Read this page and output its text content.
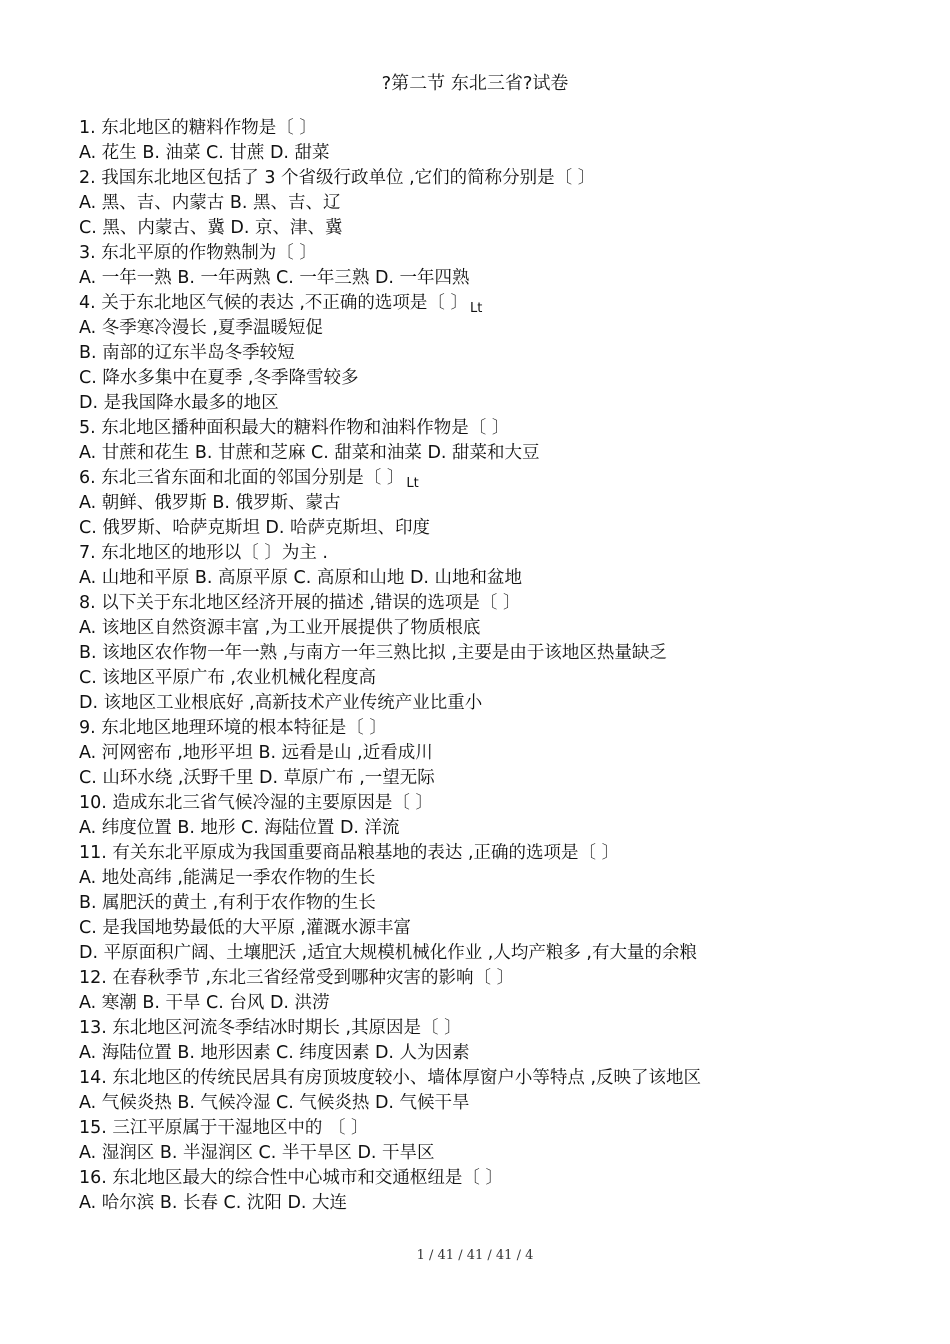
?第二节 东北三省?试卷
1. 东北地区的糖料作物是〔 〕
A. 花生 B. 油菜 C. 甘蔗 D. 甜菜
2. 我国东北地区包括了 3 个省级行政单位 ,它们的简称分别是〔 〕
A. 黑、吉、内蒙古 B. 黑、吉、辽
C. 黑、内蒙古、冀 D. 京、津、冀
3. 东北平原的作物熟制为〔 〕
A. 一年一熟 B. 一年两熟 C. 一年三熟 D. 一年四熟
4. 关于东北地区气候的表达 ,不正确的选项是〔 〕 $_{Lt}$
A. 冬季寒冷漫长 ,夏季温暖短促
B. 南部的辽东半岛冬季较短
C. 降水多集中在夏季 ,冬季降雪较多
D. 是我国降水最多的地区
5. 东北地区播种面积最大的糖料作物和油料作物是〔 〕
A. 甘蔗和花生 B. 甘蔗和芝麻 C. 甜菜和油菜 D. 甜菜和大豆
6. 东北三省东面和北面的邻国分别是〔 〕 $_{Lt}$
A. 朝鲜、俄罗斯 B. 俄罗斯、蒙古
C. 俄罗斯、哈萨克斯坦 D. 哈萨克斯坦、印度
7. 东北地区的地形以〔 〕为主 .
A. 山地和平原 B. 高原平原 C. 高原和山地 D. 山地和盆地
8. 以下关于东北地区经济开展的描述 ,错误的选项是〔 〕
A. 该地区自然资源丰富 ,为工业开展提供了物质根底
B. 该地区农作物一年一熟 ,与南方一年三熟比拟 ,主要是由于该地区热量缺乏
C. 该地区平原广布 ,农业机械化程度高
D. 该地区工业根底好 ,高新技术产业传统产业比重小
9. 东北地区地理环境的根本特征是〔 〕
A. 河网密布 ,地形平坦 B. 远看是山 ,近看成川
C. 山环水绕 ,沃野千里 D. 草原广布 ,一望无际
10. 造成东北三省气候冷湿的主要原因是〔 〕
A. 纬度位置 B. 地形 C. 海陆位置 D. 洋流
11. 有关东北平原成为我国重要商品粮基地的表达 ,正确的选项是〔 〕
A. 地处高纬 ,能满足一季农作物的生长
B. 属肥沃的黄土 ,有利于农作物的生长
C. 是我国地势最低的大平原 ,灌溉水源丰富
D. 平原面积广阔、土壤肥沃 ,适宜大规模机械化作业 ,人均产粮多 ,有大量的余粮
12. 在春秋季节 ,东北三省经常受到哪种灾害的影响〔 〕
A. 寒潮 B. 干旱 C. 台风 D. 洪涝
13. 东北地区河流冬季结冰时期长 ,其原因是〔 〕
A. 海陆位置 B. 地形因素 C. 纬度因素 D. 人为因素
14. 东北地区的传统民居具有房顶坡度较小、墙体厚窗户小等特点 ,反映了该地区
A. 气候炎热 B. 气候冷湿 C. 气候炎热 D. 气候干旱
15. 三江平原属于干湿地区中的 〔 〕
A. 湿润区 B. 半湿润区 C. 半干旱区 D. 干旱区
16. 东北地区最大的综合性中心城市和交通枢纽是〔 〕
A. 哈尔滨 B. 长春 C. 沈阳 D. 大连
1 / 41 / 41 / 41 / 4
